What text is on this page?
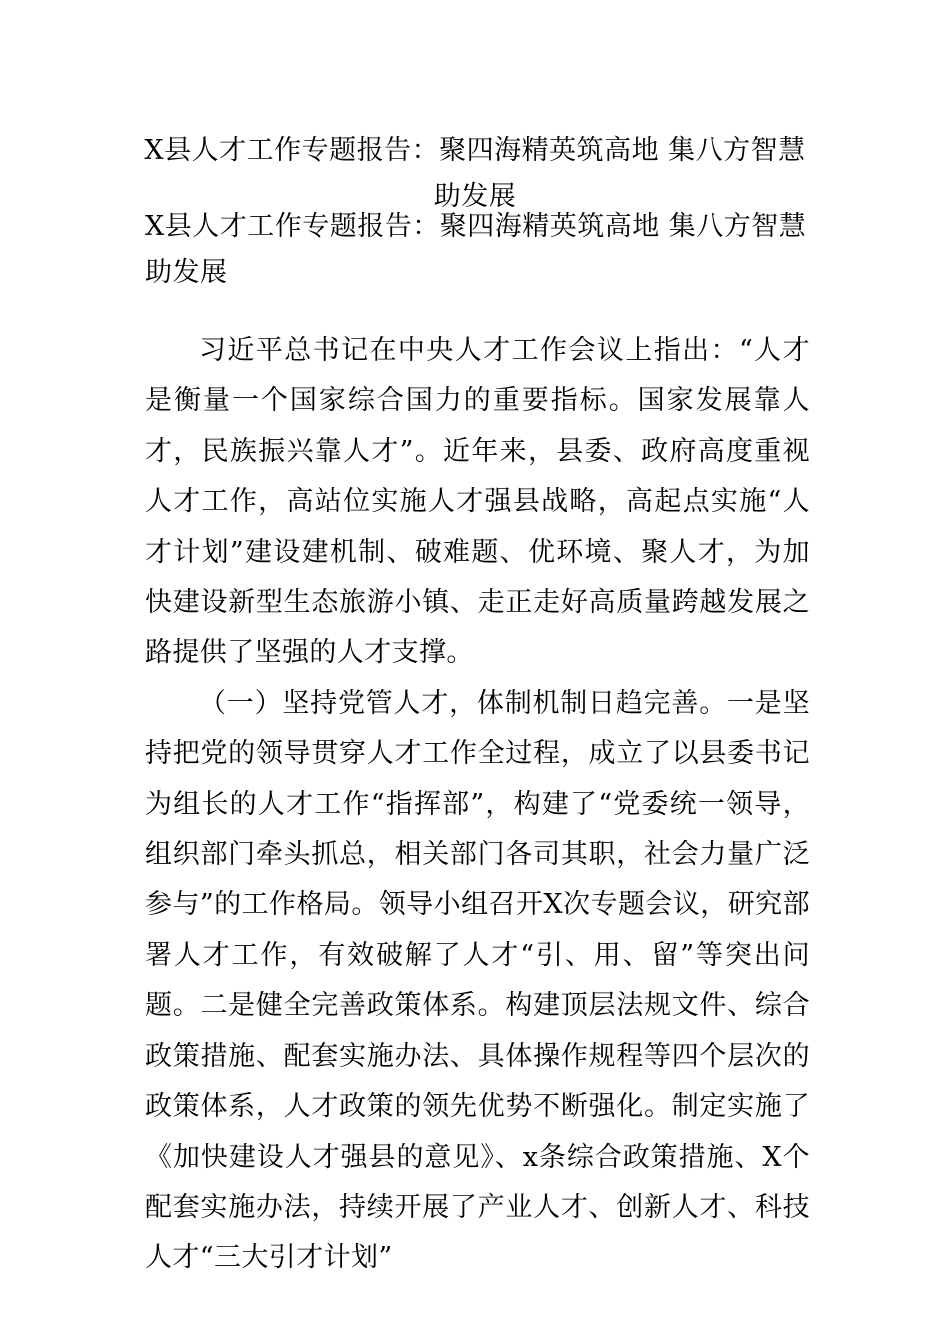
X县人才工作专题报告：聚四海精英筑高地 集八方智慧助发展
X县人才工作专题报告：聚四海精英筑高地 集八方智慧助发展

习近平总书记在中央人才工作会议上指出：“人才是衡量一个国家综合国力的重要指标。国家发展靠人才，民族振兴靠人才”。近年来，县委、政府高度重视人才工作，高站位实施人才强县战略，高起点实施“人才计划”建设建机制、破难题、优环境、聚人才，为加快建设新型生态旅游小镇、走正走好高质量跨越发展之路提供了坚强的人才支撑。

（一）坚持党管人才，体制机制日趋完善。一是坚持把党的领导贯穿人才工作全过程，成立了以县委书记为组长的人才工作“指挥部”，构建了“党委统一领导，组织部门牵头抓总，相关部门各司其职，社会力量广泛参与”的工作格局。领导小组召开X次专题会议，研究部署人才工作，有效破解了人才“引、用、留”等突出问题。二是健全完善政策体系。构建顶层法规文件、综合政策措施、配套实施办法、具体操作规程等四个层次的政策体系，人才政策的领先优势不断强化。制定实施了《加快建设人才强县的意见》、x条综合政策措施、X个配套实施办法，持续开展了产业人才、创新人才、科技人才“三大引才计划”
